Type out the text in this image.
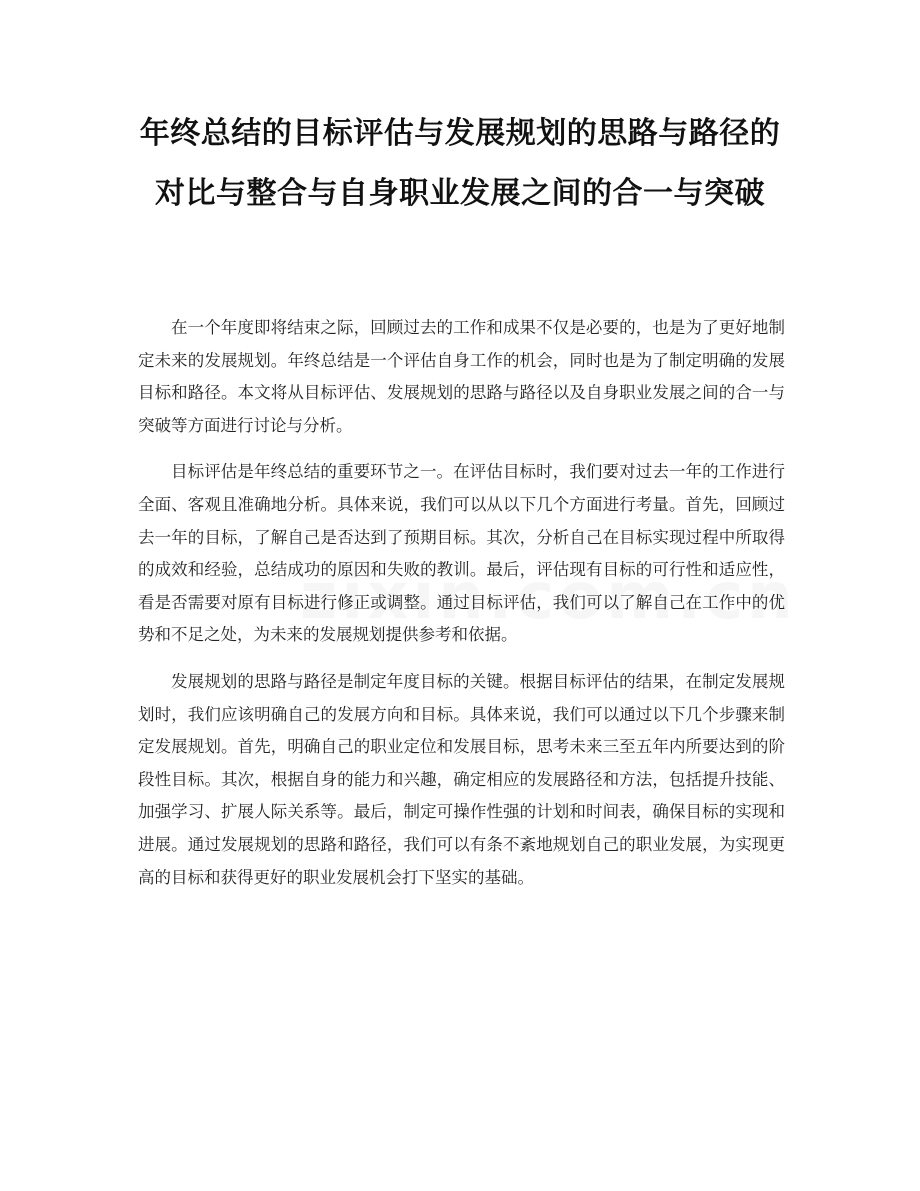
年终总结的目标评估与发展规划的思路与路径的对比与整合与自身职业发展之间的合一与突破

在一个年度即将结束之际，回顾过去的工作和成果不仅是必要的，也是为了更好地制定未来的发展规划。年终总结是一个评估自身工作的机会，同时也是为了制定明确的发展目标和路径。本文将从目标评估、发展规划的思路与路径以及自身职业发展之间的合一与突破等方面进行讨论与分析。

目标评估是年终总结的重要环节之一。在评估目标时，我们要对过去一年的工作进行全面、客观且准确地分析。具体来说，我们可以从以下几个方面进行考量。首先，回顾过去一年的目标，了解自己是否达到了预期目标。其次，分析自己在目标实现过程中所取得的成效和经验，总结成功的原因和失败的教训。最后，评估现有目标的可行性和适应性，看是否需要对原有目标进行修正或调整。通过目标评估，我们可以了解自己在工作中的优势和不足之处，为未来的发展规划提供参考和依据。

发展规划的思路与路径是制定年度目标的关键。根据目标评估的结果，在制定发展规划时，我们应该明确自己的发展方向和目标。具体来说，我们可以通过以下几个步骤来制定发展规划。首先，明确自己的职业定位和发展目标，思考未来三至五年内所要达到的阶段性目标。其次，根据自身的能力和兴趣，确定相应的发展路径和方法，包括提升技能、加强学习、扩展人际关系等。最后，制定可操作性强的计划和时间表，确保目标的实现和进展。通过发展规划的思路和路径，我们可以有条不紊地规划自己的职业发展，为实现更高的目标和获得更好的职业发展机会打下坚实的基础。
